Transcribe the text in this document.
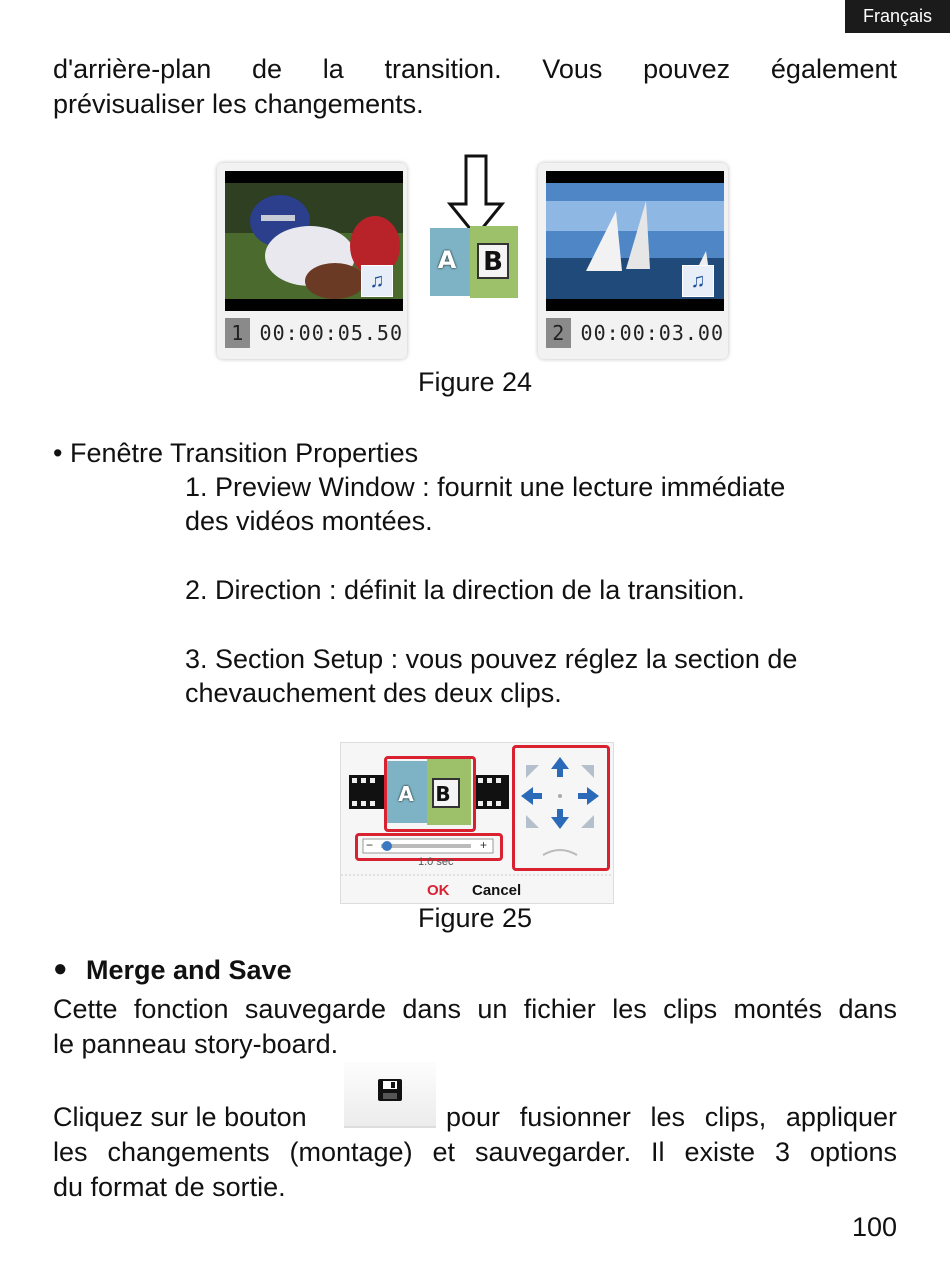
Français

d'arrière-plan de la transition. Vous pouvez également

prévisualiser les changements.

♫
1 00:00:05.50
A B
♫
2 00:00:03.00
Figure 24
• Fenêtre Transition Properties

1. Preview Window : fournit une lecture immédiate

des vidéos montées.

2. Direction : définit la direction de la transition.

3. Section Setup : vous pouvez réglez la section de

chevauchement des deux clips.

−	+
1.0 sec
OK Cancel
A	B
Figure 25
● Merge and Save

Cette fonction sauvegarde dans un fichier les clips montés dans

le panneau story-board.

Cliquez sur le bouton	pour fusionner les clips, appliquer

les changements (montage) et sauvegarder. Il existe 3 options

du format de sortie.

100
